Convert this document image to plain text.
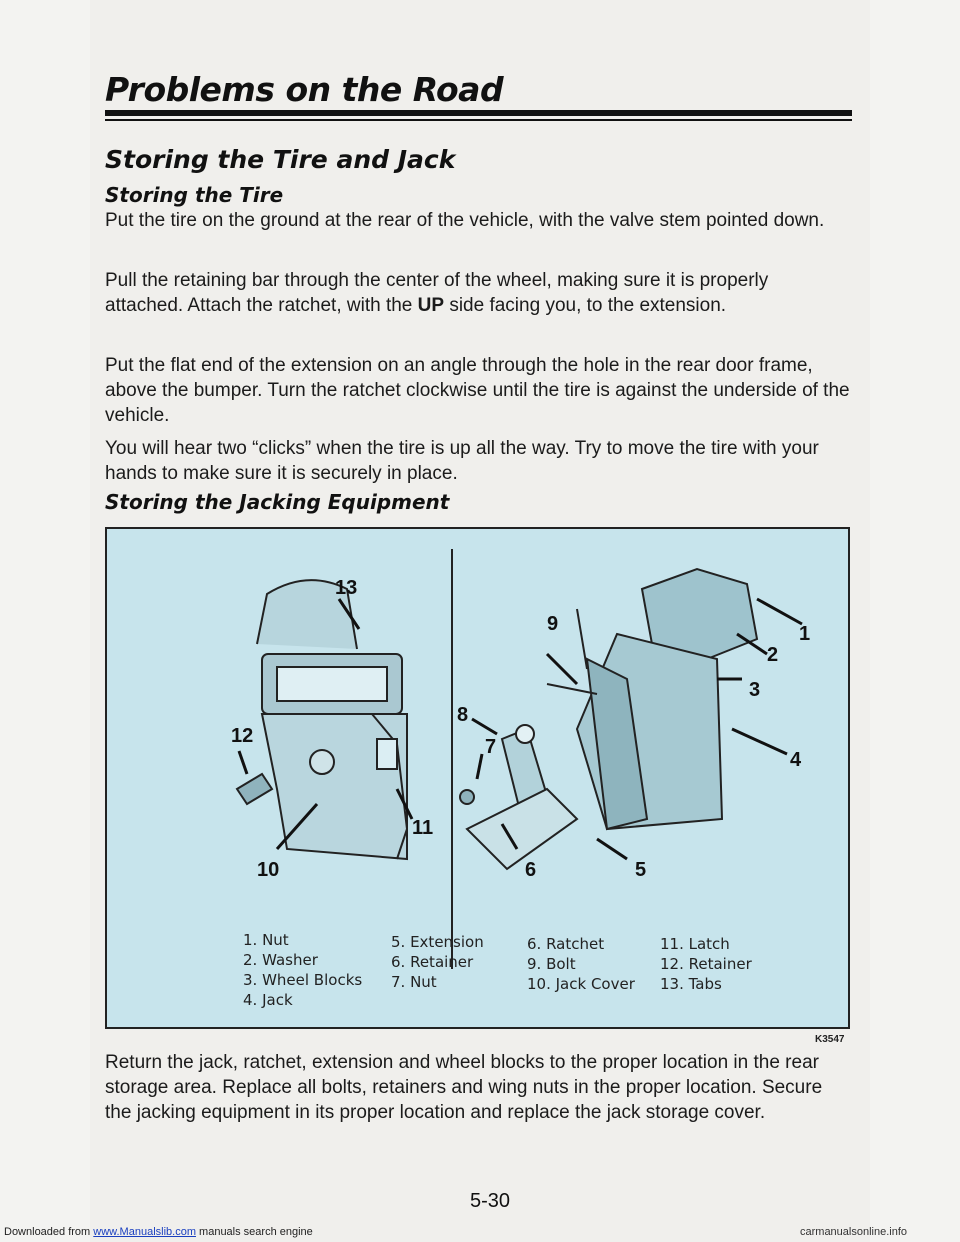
Problems on the Road
Storing the Tire and Jack
Storing the Tire
Put the tire on the ground at the rear of the vehicle, with the valve stem pointed down.
Pull the retaining bar through the center of the wheel, making sure it is properly attached. Attach the ratchet, with the UP side facing you, to the extension.
Put the flat end of the extension on an angle through the hole in the rear door frame, above the bumper. Turn the ratchet clockwise until the tire is against the underside of the vehicle.
You will hear two “clicks” when the tire is up all the way. Try to move the tire with your hands to make sure it is securely in place.
Storing the Jacking Equipment
13
12
10
11
9
8
7
6	5
1
2
3
4
1. Nut
2. Washer
3. Wheel Blocks
4. Jack
5. Extension
6. Retainer
7. Nut
6. Ratchet
9. Bolt
10. Jack Cover
11. Latch
12. Retainer
13. Tabs
K3547
Return the jack, ratchet, extension and wheel blocks to the proper location in the rear storage area. Replace all bolts, retainers and wing nuts in the proper location. Secure the jacking equipment in its proper location and replace the jack storage cover.
5-30
Downloaded from www.Manualslib.com manuals search engine	carmanualsonline.info
